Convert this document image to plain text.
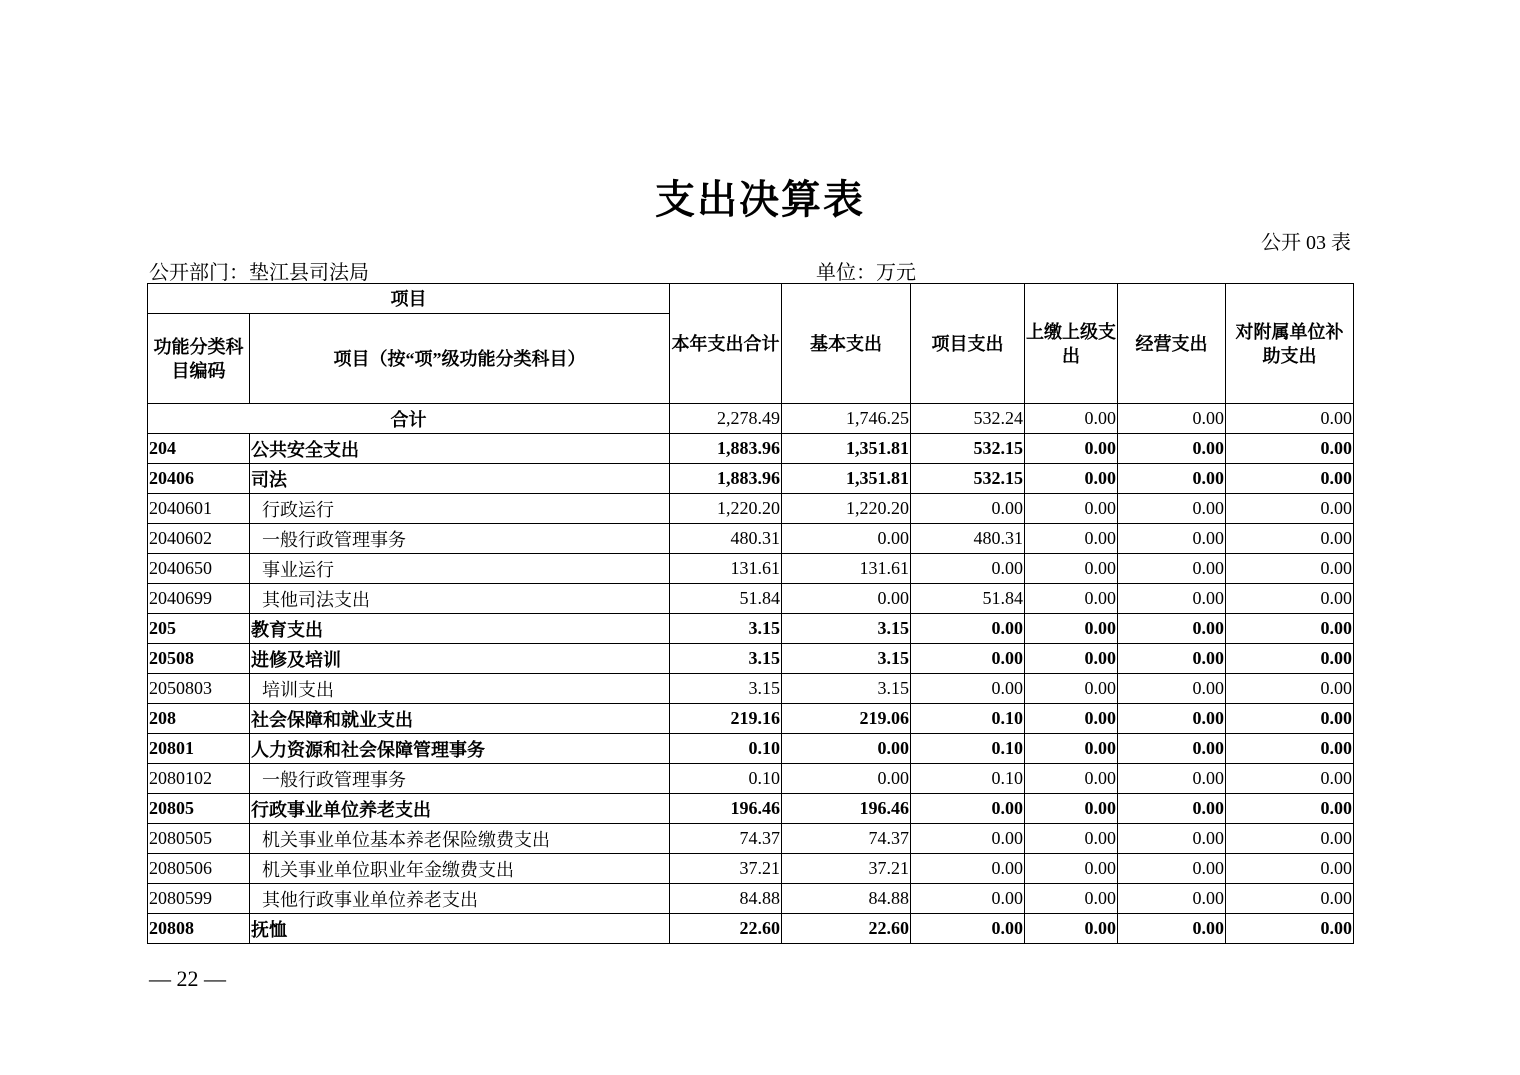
支出决算表
公开 03 表
公开部门：垫江县司法局	单位：万元
项目		本年支出合计	基本支出	项目支出	上缴上级支出	经营支出	对附属单位补助支出
功能分类科目编码	项目（按“项”级功能分类科目）						
合计		2,278.49	1,746.25	532.24	0.00	0.00	0.00
204	公共安全支出	1,883.96	1,351.81	532.15	0.00	0.00	0.00
20406	司法	1,883.96	1,351.81	532.15	0.00	0.00	0.00
2040601	行政运行	1,220.20	1,220.20	0.00	0.00	0.00	0.00
2040602	一般行政管理事务	480.31	0.00	480.31	0.00	0.00	0.00
2040650	事业运行	131.61	131.61	0.00	0.00	0.00	0.00
2040699	其他司法支出	51.84	0.00	51.84	0.00	0.00	0.00
205	教育支出	3.15	3.15	0.00	0.00	0.00	0.00
20508	进修及培训	3.15	3.15	0.00	0.00	0.00	0.00
2050803	培训支出	3.15	3.15	0.00	0.00	0.00	0.00
208	社会保障和就业支出	219.16	219.06	0.10	0.00	0.00	0.00
20801	人力资源和社会保障管理事务	0.10	0.00	0.10	0.00	0.00	0.00
2080102	一般行政管理事务	0.10	0.00	0.10	0.00	0.00	0.00
20805	行政事业单位养老支出	196.46	196.46	0.00	0.00	0.00	0.00
2080505	机关事业单位基本养老保险缴费支出	74.37	74.37	0.00	0.00	0.00	0.00
2080506	机关事业单位职业年金缴费支出	37.21	37.21	0.00	0.00	0.00	0.00
2080599	其他行政事业单位养老支出	84.88	84.88	0.00	0.00	0.00	0.00
20808	抚恤	22.60	22.60	0.00	0.00	0.00	0.00
— 22 —
